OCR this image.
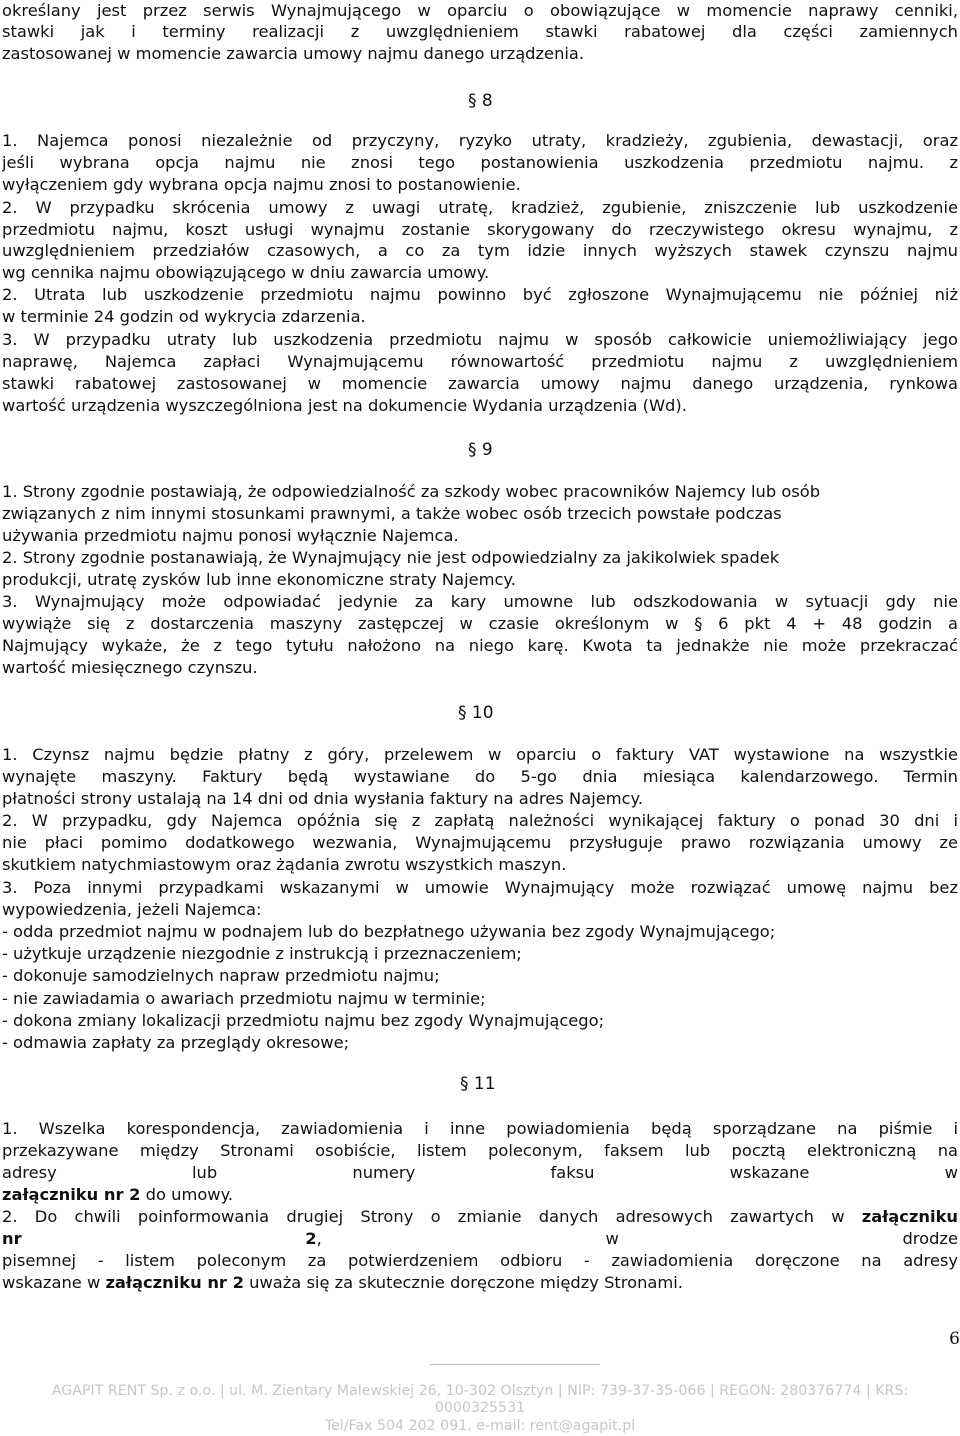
określany jest przez serwis Wynajmującego w oparciu o obowiązujące w momencie naprawy cenniki,
stawki jak i terminy realizacji z uwzględnieniem stawki rabatowej dla części zamiennych
zastosowanej w momencie zawarcia umowy najmu danego urządzenia.
1. Najemca ponosi niezależnie od przyczyny, ryzyko utraty, kradzieży, zgubienia, dewastacji, oraz
jeśli wybrana opcja najmu nie znosi tego postanowienia uszkodzenia przedmiotu najmu. z
wyłączeniem gdy wybrana opcja najmu znosi to postanowienie.
2. W przypadku skrócenia umowy z uwagi utratę, kradzież, zgubienie, zniszczenie lub uszkodzenie
przedmiotu najmu, koszt usługi wynajmu zostanie skorygowany do rzeczywistego okresu wynajmu, z
uwzględnieniem przedziałów czasowych, a co za tym idzie innych wyższych stawek czynszu najmu
wg cennika najmu obowiązującego w dniu zawarcia umowy.
2. Utrata lub uszkodzenie przedmiotu najmu powinno być zgłoszone Wynajmującemu nie później niż
w terminie 24 godzin od wykrycia zdarzenia.
3. W przypadku utraty lub uszkodzenia przedmiotu najmu w sposób całkowicie uniemożliwiający jego
naprawę, Najemca zapłaci Wynajmującemu równowartość przedmiotu najmu z uwzględnieniem
stawki rabatowej zastosowanej w momencie zawarcia umowy najmu danego urządzenia, rynkowa
wartość urządzenia wyszczególniona jest na dokumencie Wydania urządzenia (Wd).
1. Strony zgodnie postawiają, że odpowiedzialność za szkody wobec pracowników Najemcy lub osób
związanych z nim innymi stosunkami prawnymi, a także wobec osób trzecich powstałe podczas
używania przedmiotu najmu ponosi wyłącznie Najemca.
2. Strony zgodnie postanawiają, że Wynajmujący nie jest odpowiedzialny za jakikolwiek spadek
produkcji, utratę zysków lub inne ekonomiczne straty Najemcy.
3. Wynajmujący może odpowiadać jedynie za kary umowne lub odszkodowania w sytuacji gdy nie
wywiąże się z dostarczenia maszyny zastępczej w czasie określonym w § 6 pkt 4 + 48 godzin a
Najmujący wykaże, że z tego tytułu nałożono na niego karę. Kwota ta jednakże nie może przekraczać
wartość miesięcznego czynszu.
1. Czynsz najmu będzie płatny z góry, przelewem w oparciu o faktury VAT wystawione na wszystkie
wynajęte maszyny. Faktury będą wystawiane do 5-go dnia miesiąca kalendarzowego. Termin
płatności strony ustalają na 14 dni od dnia wysłania faktury na adres Najemcy.
2. W przypadku, gdy Najemca opóźnia się z zapłatą należności wynikającej faktury o ponad 30 dni i
nie płaci pomimo dodatkowego wezwania, Wynajmującemu przysługuje prawo rozwiązania umowy ze
skutkiem natychmiastowym oraz żądania zwrotu wszystkich maszyn.
3. Poza innymi przypadkami wskazanymi w umowie Wynajmujący może rozwiązać umowę najmu bez
wypowiedzenia, jeżeli Najemca:
- odda przedmiot najmu w podnajem lub do bezpłatnego używania bez zgody Wynajmującego;
- użytkuje urządzenie niezgodnie z instrukcją i przeznaczeniem;
- dokonuje samodzielnych napraw przedmiotu najmu;
- nie zawiadamia o awariach przedmiotu najmu w terminie;
- dokona zmiany lokalizacji przedmiotu najmu bez zgody Wynajmującego;
- odmawia zapłaty za przeglądy okresowe;
1. Wszelka korespondencja, zawiadomienia i inne powiadomienia będą sporządzane na piśmie i
przekazywane między Stronami osobiście, listem poleconym, faksem lub pocztą elektroniczną na
adresy lub numery faksu wskazane w
załączniku nr 2 do umowy.
2. Do chwili poinformowania drugiej Strony o zmianie danych adresowych zawartych w załączniku
nr	2, w drodze
pisemnej - listem poleconym za potwierdzeniem odbioru - zawiadomienia doręczone na adresy
wskazane w załączniku nr 2 uważa się za skutecznie doręczone między Stronami.
§ 8
§ 9
§ 10
§ 11
6
AGAPIT RENT Sp. z o.o. | ul. M. Zientary Malewskiej 26, 10-302 Olsztyn | NIP: 739-37-35-066 | REGON: 280376774 | KRS:
0000325531
Tel/Fax 504 202 091, e-mail: rent@agapit.pl
